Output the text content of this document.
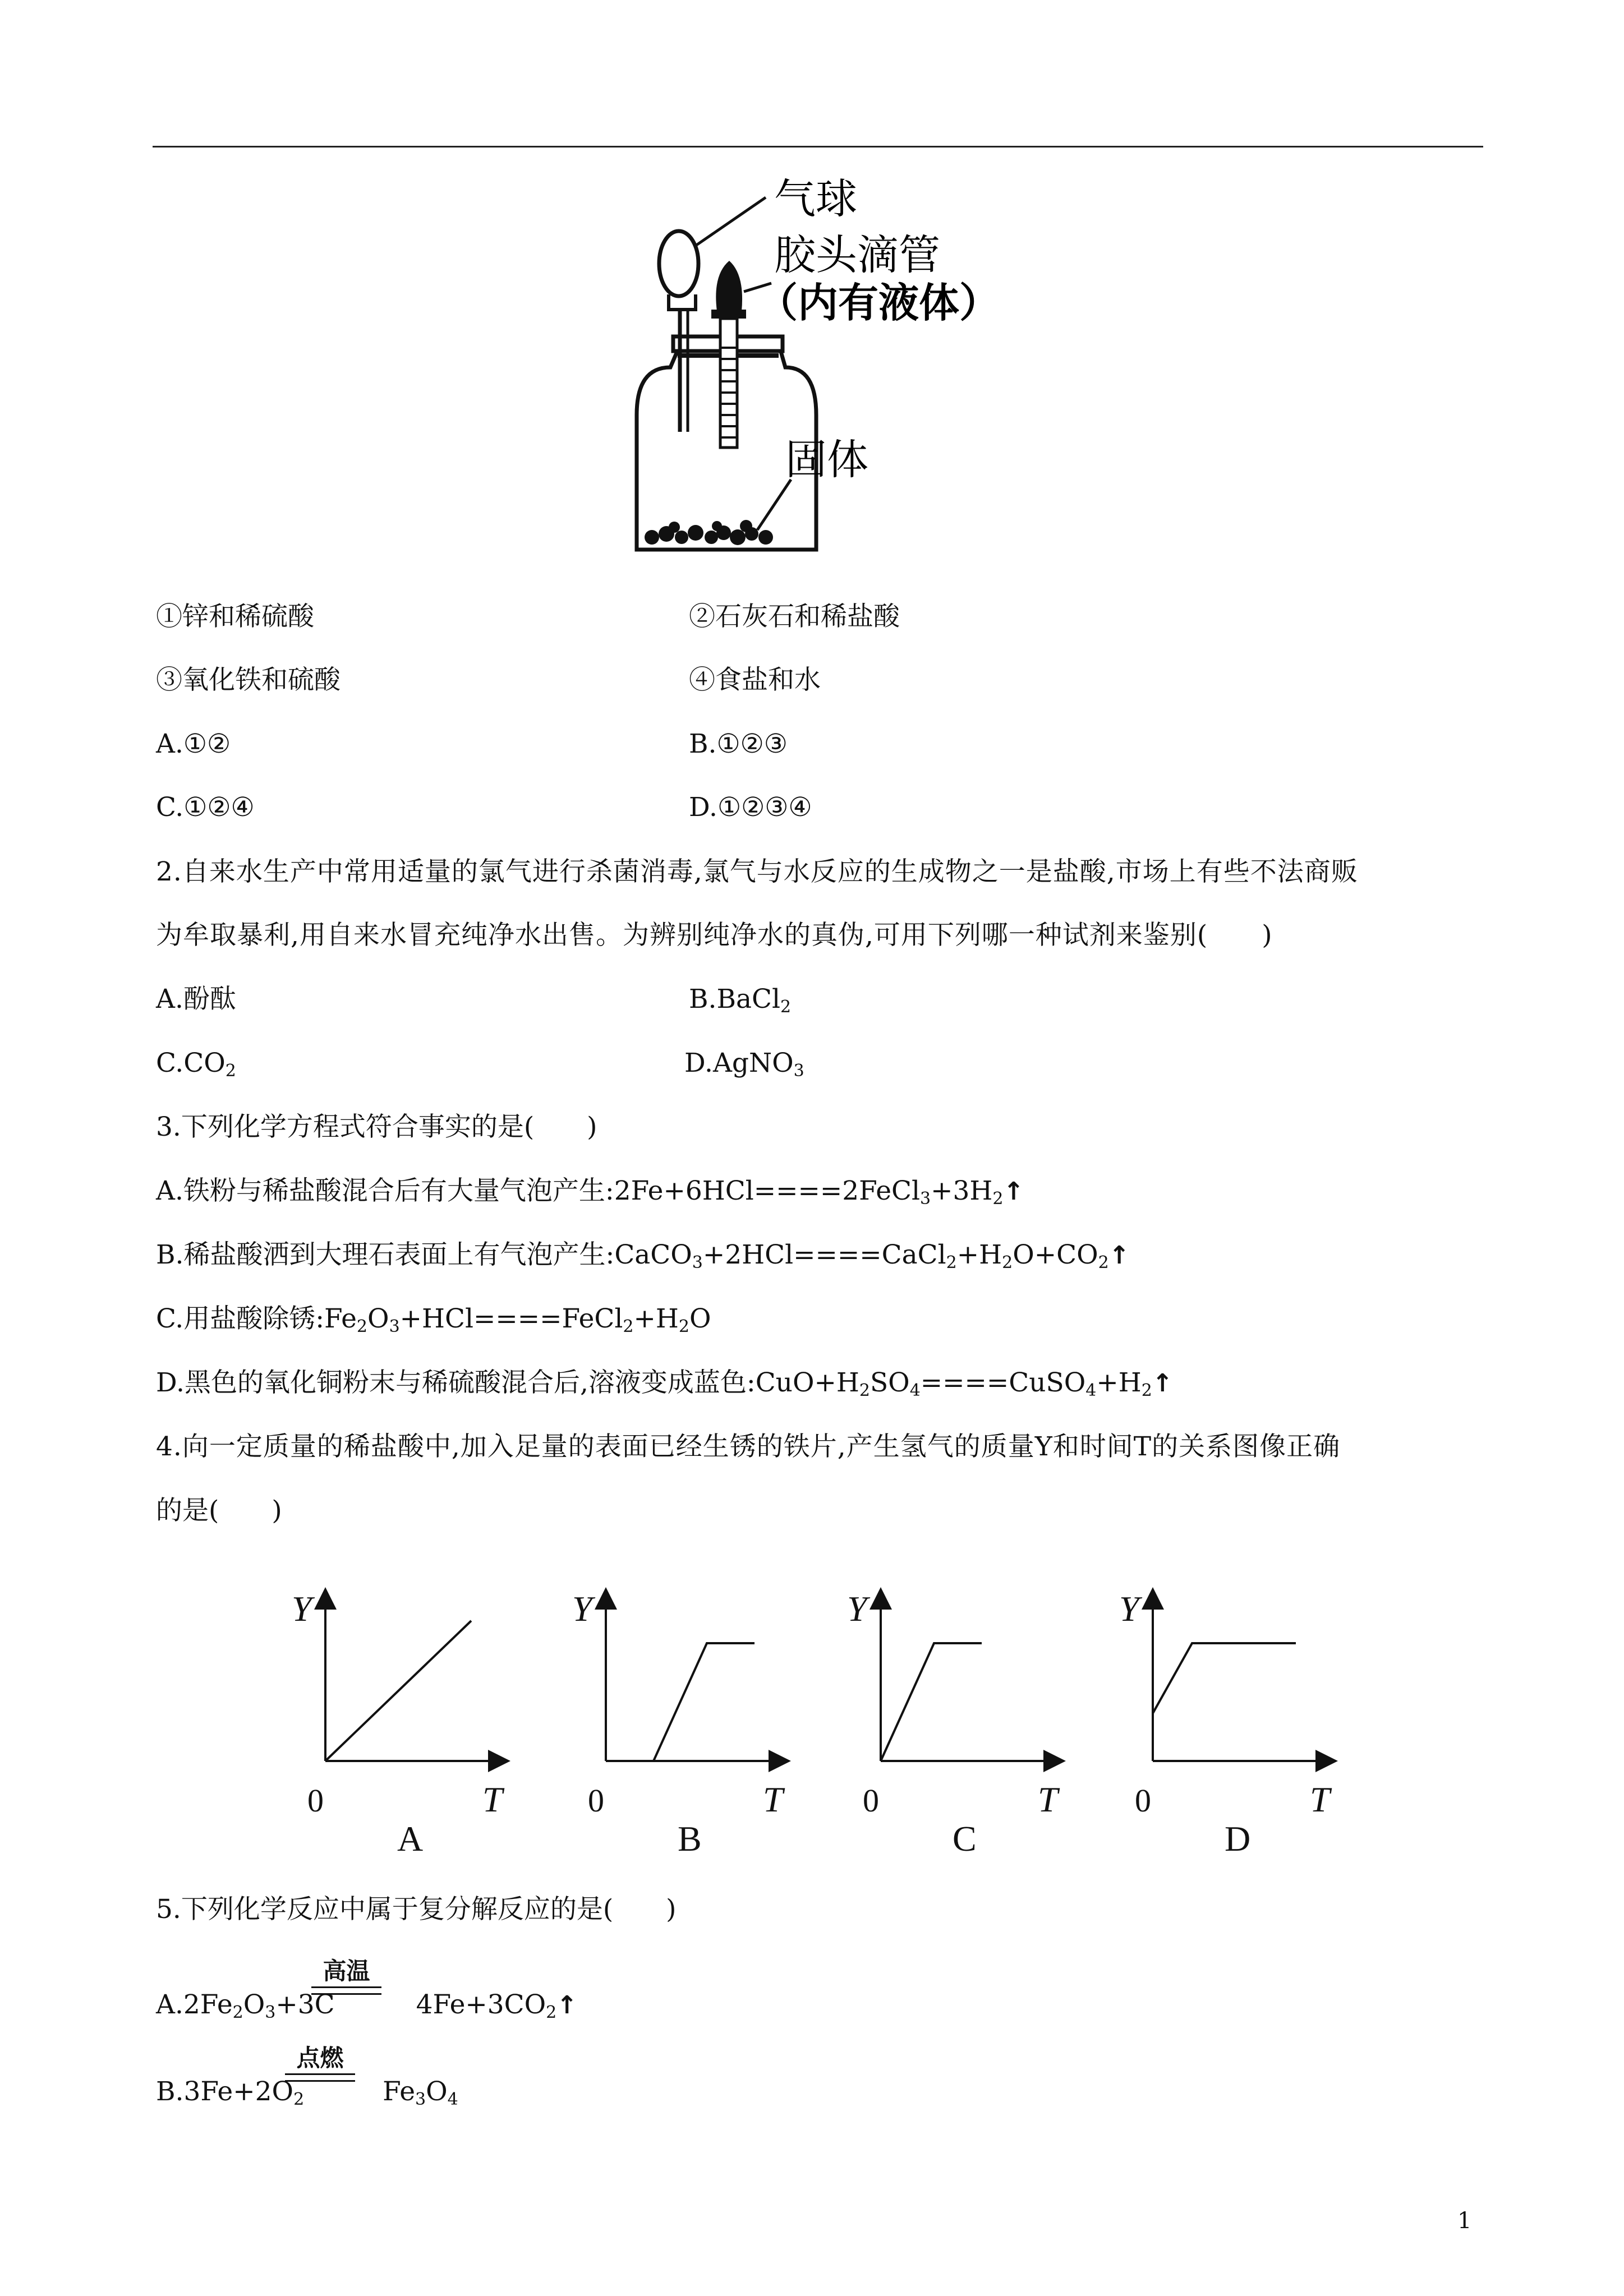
气球
胶头滴管
（内有液体）
固体
①锌和稀硫酸	②石灰石和稀盐酸
③氧化铁和硫酸	④食盐和水
A.①②	B.①②③
C.①②④	D.①②③④
2.自来水生产中常用适量的氯气进行杀菌消毒,氯气与水反应的生成物之一是盐酸,市场上有些不法商贩
为牟取暴利,用自来水冒充纯净水出售。为辨别纯净水的真伪,可用下列哪一种试剂来鉴别(　　)
A.酚酞	B.BaCl$_2$
$C.CO_2$	D.AgNO$_3$
3.下列化学方程式符合事实的是(　　)
A.铁粉与稀盐酸混合后有大量气泡产生$:2Fe+6HCl====2FeCl_3+3H_2↑$
B.稀盐酸洒到大理石表面上有气泡产生$:CaCO_3+2HCl====CaCl_2+H_2O+CO_2↑$
C.用盐酸除锈$:Fe_2O_3+HCl====FeCl_2+H_2O$
D.黑色的氧化铜粉末与稀硫酸混合后,溶液变成蓝色$:CuO+H_2SO_4====CuSO_4+H_2↑$
4.向一定质量的稀盐酸中,加入足量的表面已经生锈的铁片,产生氢气的质量Y和时间T的关系图像正确
的是(　　)
Y
T
0
A
Y
T
0
B
Y
T
0
C
Y
T
0
D
5.下列化学反应中属于复分解反应的是(　　)
$A.2Fe_2O_3+3C$	$4Fe+3CO_2↑$
高温
$B.3Fe+2O_2$	$Fe_3O_4$
点燃
1
